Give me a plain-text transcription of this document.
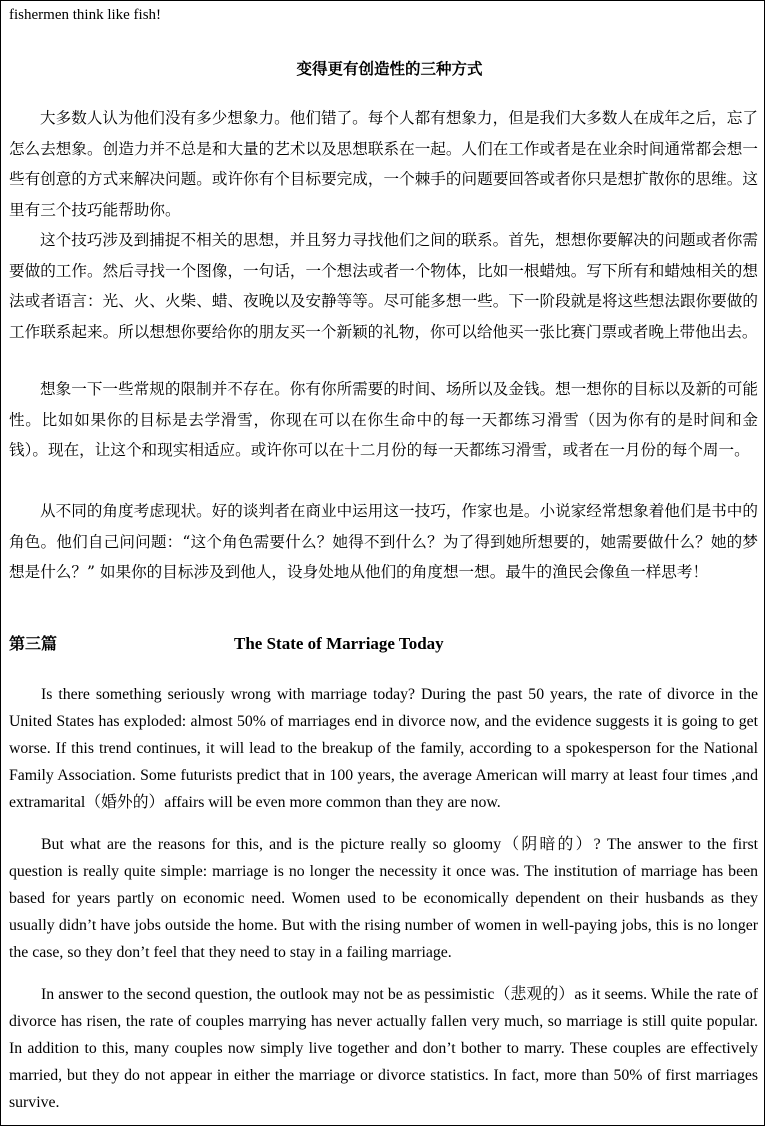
fishermen think like fish!
变得更有创造性的三种方式

大多数人认为他们没有多少想象力。他们错了。每个人都有想象力，但是我们大多数人在成年之后，忘了怎么去想象。创造力并不总是和大量的艺术以及思想联系在一起。人们在工作或者是在业余时间通常都会想一些有创意的方式来解决问题。或许你有个目标要完成，一个棘手的问题要回答或者你只是想扩散你的思维。这里有三个技巧能帮助你。

这个技巧涉及到捕捉不相关的思想，并且努力寻找他们之间的联系。首先，想想你要解决的问题或者你需要做的工作。然后寻找一个图像，一句话，一个想法或者一个物体，比如一根蜡烛。写下所有和蜡烛相关的想法或者语言：光、火、火柴、蜡、夜晚以及安静等等。尽可能多想一些。下一阶段就是将这些想法跟你要做的工作联系起来。所以想想你要给你的朋友买一个新颖的礼物，你可以给他买一张比赛门票或者晚上带他出去。

想象一下一些常规的限制并不存在。你有你所需要的时间、场所以及金钱。想一想你的目标以及新的可能性。比如如果你的目标是去学滑雪，你现在可以在你生命中的每一天都练习滑雪（因为你有的是时间和金钱）。现在，让这个和现实相适应。或许你可以在十二月份的每一天都练习滑雪，或者在一月份的每个周一。

从不同的角度考虑现状。好的谈判者在商业中运用这一技巧，作家也是。小说家经常想象着他们是书中的角色。他们自己问问题：“这个角色需要什么？她得不到什么？为了得到她所想要的，她需要做什么？她的梦想是什么？” 如果你的目标涉及到他人，设身处地从他们的角度想一想。最牛的渔民会像鱼一样思考！

第三篇	The State of Marriage Today

Is there something seriously wrong with marriage today? During the past 50 years, the rate of divorce in the United States has exploded: almost 50% of marriages end in divorce now, and the evidence suggests it is going to get worse. If this trend continues, it will lead to the breakup of the family, according to a spokesperson for the National Family Association. Some futurists predict that in 100 years, the average American will marry at least four times ,and extramarital（婚外的）affairs will be even more common than they are now.

But what are the reasons for this, and is the picture really so gloomy（阴暗的）? The answer to the first question is really quite simple: marriage is no longer the necessity it once was. The institution of marriage has been based for years partly on economic need. Women used to be economically dependent on their husbands as they usually didn’t have jobs outside the home. But with the rising number of women in well-paying jobs, this is no longer the case, so they don’t feel that they need to stay in a failing marriage.

In answer to the second question, the outlook may not be as pessimistic（悲观的）as it seems. While the rate of divorce has risen, the rate of couples marrying has never actually fallen very much, so marriage is still quite popular. In addition to this, many couples now simply live together and don’t bother to marry. These couples are effectively married, but they do not appear in either the marriage or divorce statistics. In fact, more than 50% of first marriages survive.
